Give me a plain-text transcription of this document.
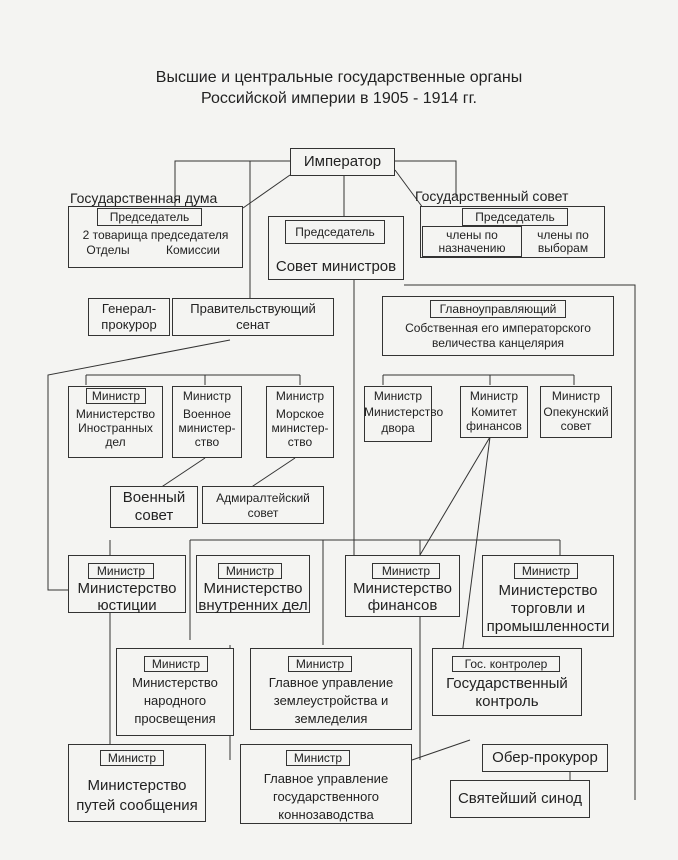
Высшие и центральные государственные органы
Российской империи в 1905 - 1914 гг.
Император
Государственная дума
Председатель
2 товарища председателя
Отделы	Комиссии
Государственный совет
Председатель
члены по
назначению
члены по
выборам
Председатель
Совет министров
Генерал-
прокурор
Правительствующий
сенат
Главноуправляющий
Собственная его императорского
величества канцелярия
Министр
Министерство
Иностранных
дел
Министр
Военное
министер-
ство
Министр
Морское
министер-
ство
Министр
Министерство
двора
Министр
Комитет
финансов
Министр
Опекунский
совет
Военный
совет
Адмиралтейский
совет
Министр
Министерство
юстиции
Министр
Министерство
внутренних дел
Министр
Министерство
финансов
Министр
Министерство
торговли и
промышленности
Министр
Министерство
народного
просвещения
Министр
Главное управление
землеустройства и
земледелия
Гос. контролер
Государственный
контроль
Министр
Министерство
путей сообщения
Министр
Главное управление
государственного
коннозаводства
Обер-прокурор
Святейший синод
